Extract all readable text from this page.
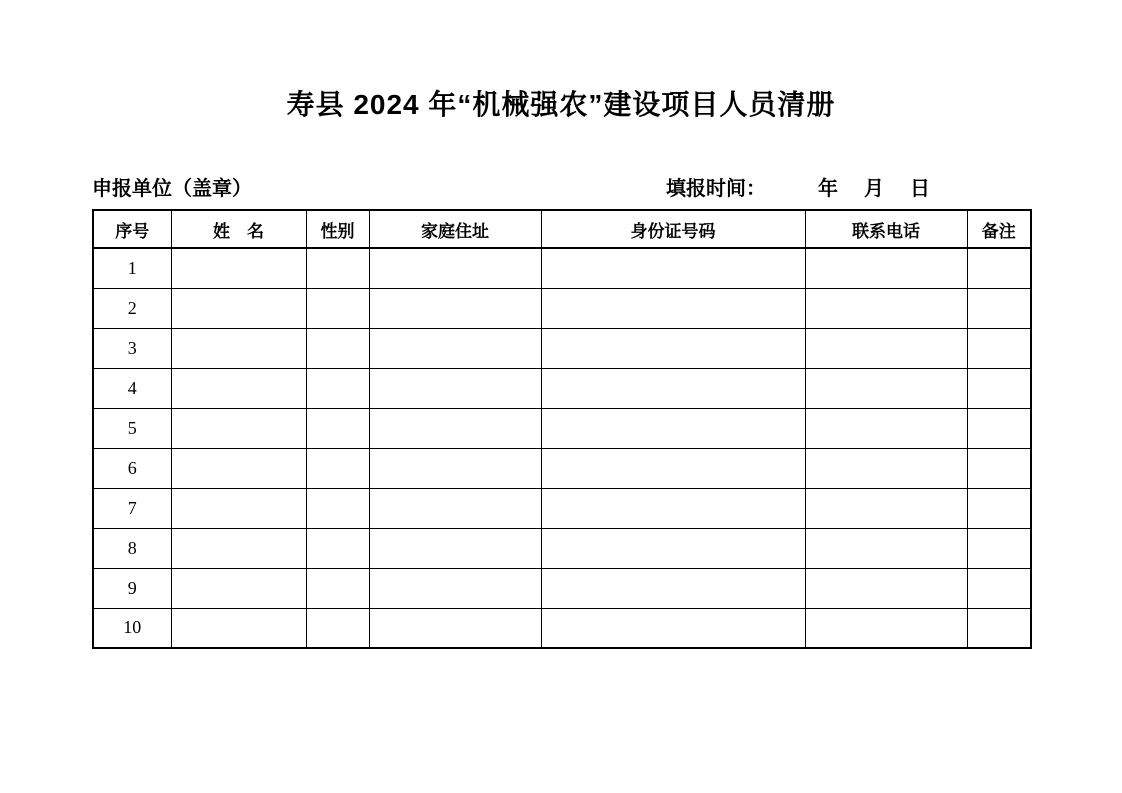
寿县 2024 年“机械强农”建设项目人员清册
申报单位（盖章）	填报时间：	年 月 日
序号	姓　名	性别	家庭住址	身份证号码	联系电话	备注
1						
2						
3						
4						
5						
6						
7						
8						
9						
10						
